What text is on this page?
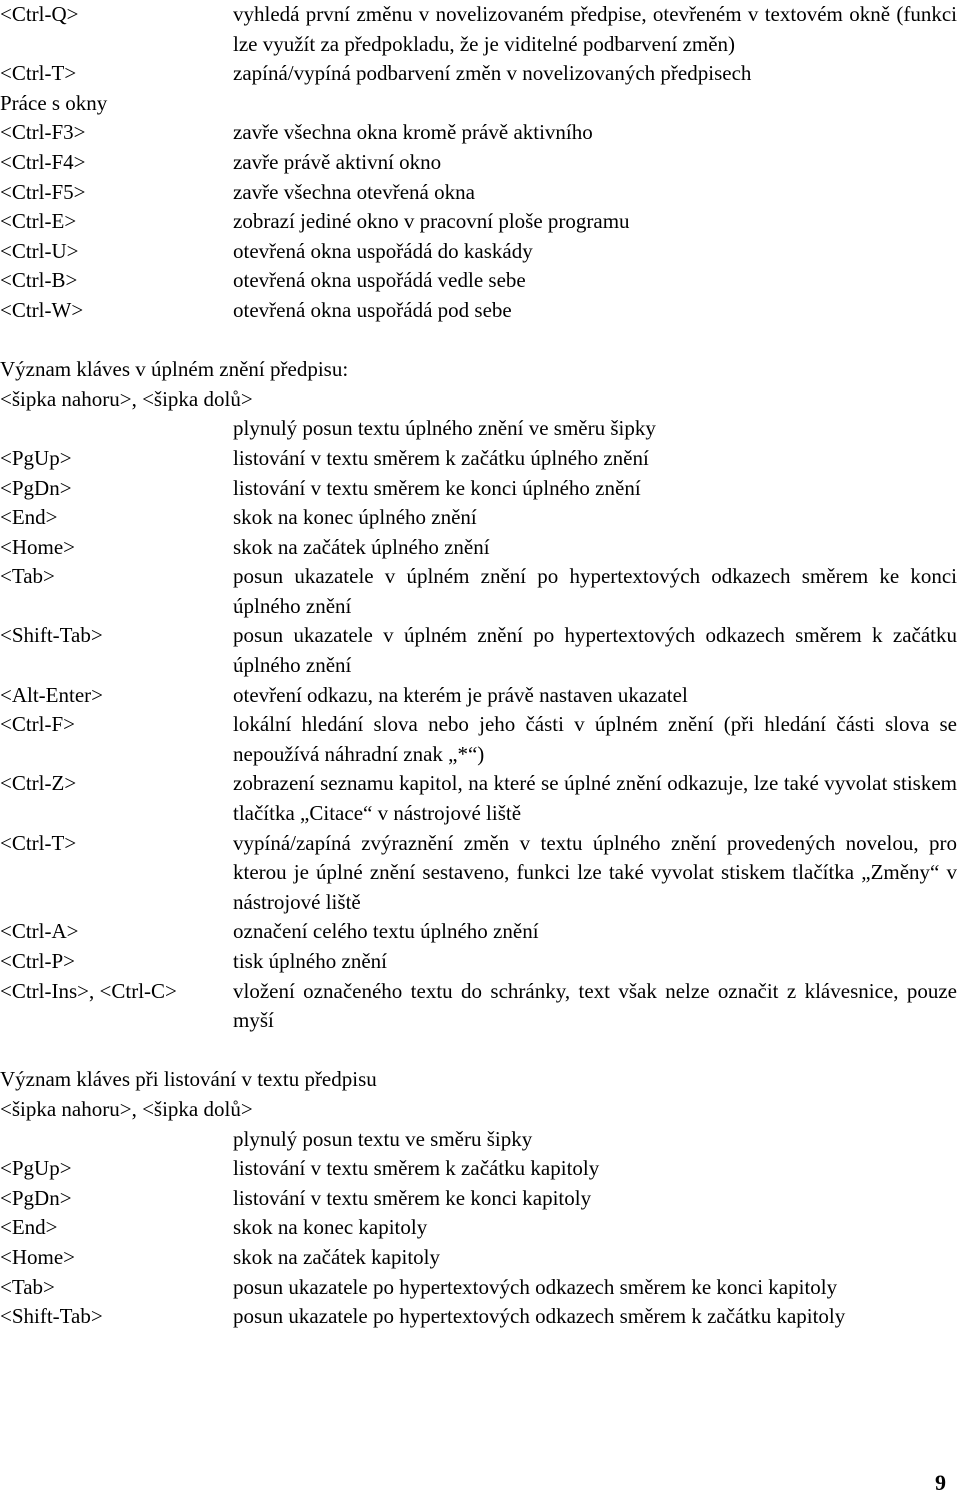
<Ctrl-Q>	vyhledá první změnu v novelizovaném předpise, otevřeném v textovém okně (funkci lze využít za předpokladu, že je viditelné podbarvení změn)
<Ctrl-T>	zapíná/vypíná podbarvení změn v novelizovaných předpisech
Práce s okny
<Ctrl-F3>	zavře všechna okna kromě právě aktivního
<Ctrl-F4>	zavře právě aktivní okno
<Ctrl-F5>	zavře všechna otevřená okna
<Ctrl-E>	zobrazí jediné okno v pracovní ploše programu
<Ctrl-U>	otevřená okna uspořádá do kaskády
<Ctrl-B>	otevřená okna uspořádá vedle sebe
<Ctrl-W>	otevřená okna uspořádá pod sebe
Význam kláves v úplném znění předpisu:
<šipka nahoru>, <šipka dolů>
plynulý posun textu úplného znění ve směru šipky
<PgUp>	listování v textu směrem k začátku úplného znění
<PgDn>	listování v textu směrem ke konci úplného znění
<End>	skok na konec úplného znění
<Home>	skok na začátek úplného znění
<Tab>	posun ukazatele v úplném znění po hypertextových odkazech směrem ke konci úplného znění
<Shift-Tab>	posun ukazatele v úplném znění po hypertextových odkazech směrem k začátku úplného znění
<Alt-Enter>	otevření odkazu, na kterém je právě nastaven ukazatel
<Ctrl-F>	lokální hledání slova nebo jeho části v úplném znění (při hledání části slova se nepoužívá náhradní znak „*“)
<Ctrl-Z>	zobrazení seznamu kapitol, na které se úplné znění odkazuje, lze také vyvolat stiskem tlačítka „Citace“ v nástrojové liště
<Ctrl-T>	vypíná/zapíná zvýraznění změn v textu úplného znění provedených novelou, pro kterou je úplné znění sestaveno, funkci lze také vyvolat stiskem tlačítka „Změny“ v nástrojové liště
<Ctrl-A>	označení celého textu úplného znění
<Ctrl-P>	tisk úplného znění
<Ctrl-Ins>, <Ctrl-C>	vložení označeného textu do schránky, text však nelze označit z klávesnice, pouze myší
Význam kláves při listování v textu předpisu
<šipka nahoru>, <šipka dolů>
plynulý posun textu ve směru šipky
<PgUp>	listování v textu směrem k začátku kapitoly
<PgDn>	listování v textu směrem ke konci kapitoly
<End>	skok na konec kapitoly
<Home>	skok na začátek kapitoly
<Tab>	posun ukazatele po hypertextových odkazech směrem ke konci kapitoly
<Shift-Tab>	posun ukazatele po hypertextových odkazech směrem k začátku kapitoly
9
